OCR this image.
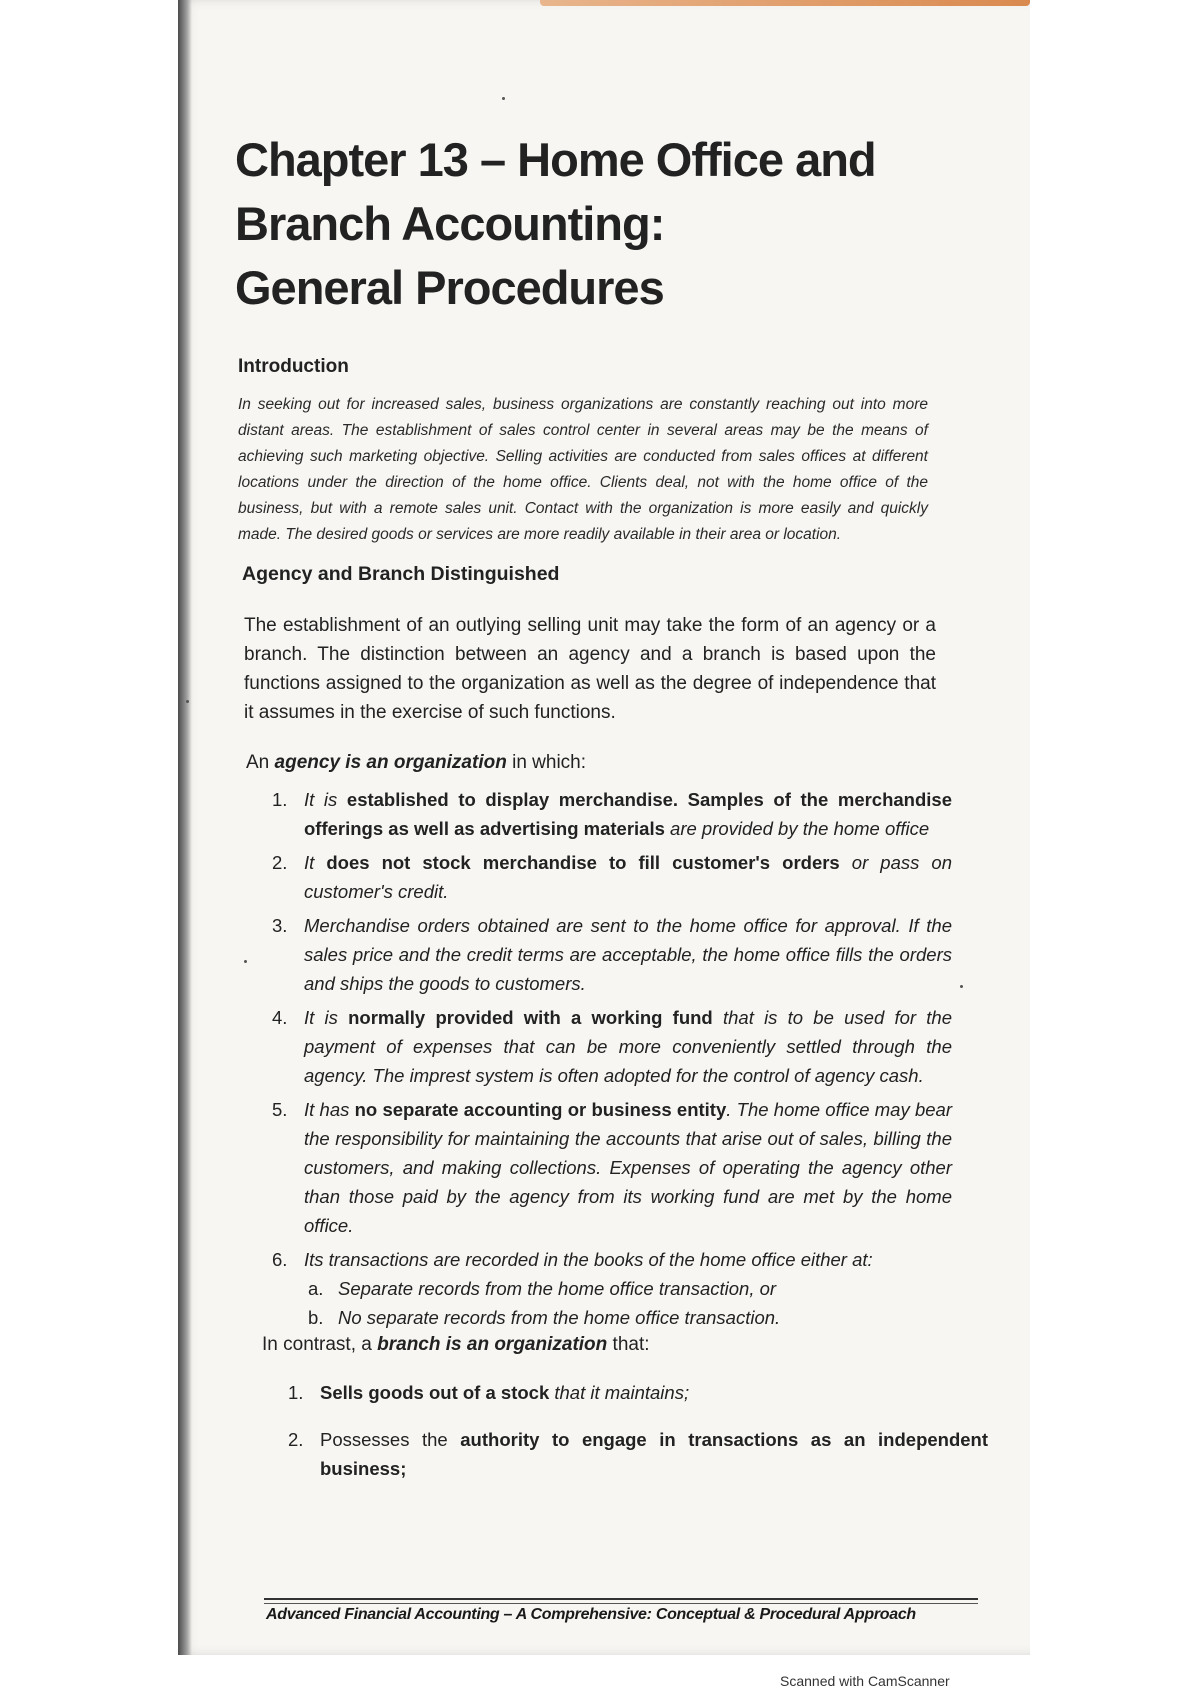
Chapter 13 – Home Office and
Branch Accounting:
General Procedures
Introduction
In seeking out for increased sales, business organizations are constantly reaching out into more distant areas. The establishment of sales control center in several areas may be the means of achieving such marketing objective. Selling activities are conducted from sales offices at different locations under the direction of the home office. Clients deal, not with the home office of the business, but with a remote sales unit. Contact with the organization is more easily and quickly made. The desired goods or services are more readily available in their area or location.
Agency and Branch Distinguished
The establishment of an outlying selling unit may take the form of an agency or a branch. The distinction between an agency and a branch is based upon the functions assigned to the organization as well as the degree of independence that it assumes in the exercise of such functions.
An agency is an organization in which:
1. It is established to display merchandise. Samples of the merchandise offerings as well as advertising materials are provided by the home office
2. It does not stock merchandise to fill customer's orders or pass on customer's credit.
3. Merchandise orders obtained are sent to the home office for approval. If the sales price and the credit terms are acceptable, the home office fills the orders and ships the goods to customers.
4. It is normally provided with a working fund that is to be used for the payment of expenses that can be more conveniently settled through the agency. The imprest system is often adopted for the control of agency cash.
5. It has no separate accounting or business entity. The home office may bear the responsibility for maintaining the accounts that arise out of sales, billing the customers, and making collections. Expenses of operating the agency other than those paid by the agency from its working fund are met by the home office.
6. Its transactions are recorded in the books of the home office either at:
a. Separate records from the home office transaction, or
b. No separate records from the home office transaction.
In contrast, a branch is an organization that:
1. Sells goods out of a stock that it maintains;
2. Possesses the authority to engage in transactions as an independent business;
Advanced Financial Accounting – A Comprehensive: Conceptual & Procedural Approach
Scanned with CamScanner
